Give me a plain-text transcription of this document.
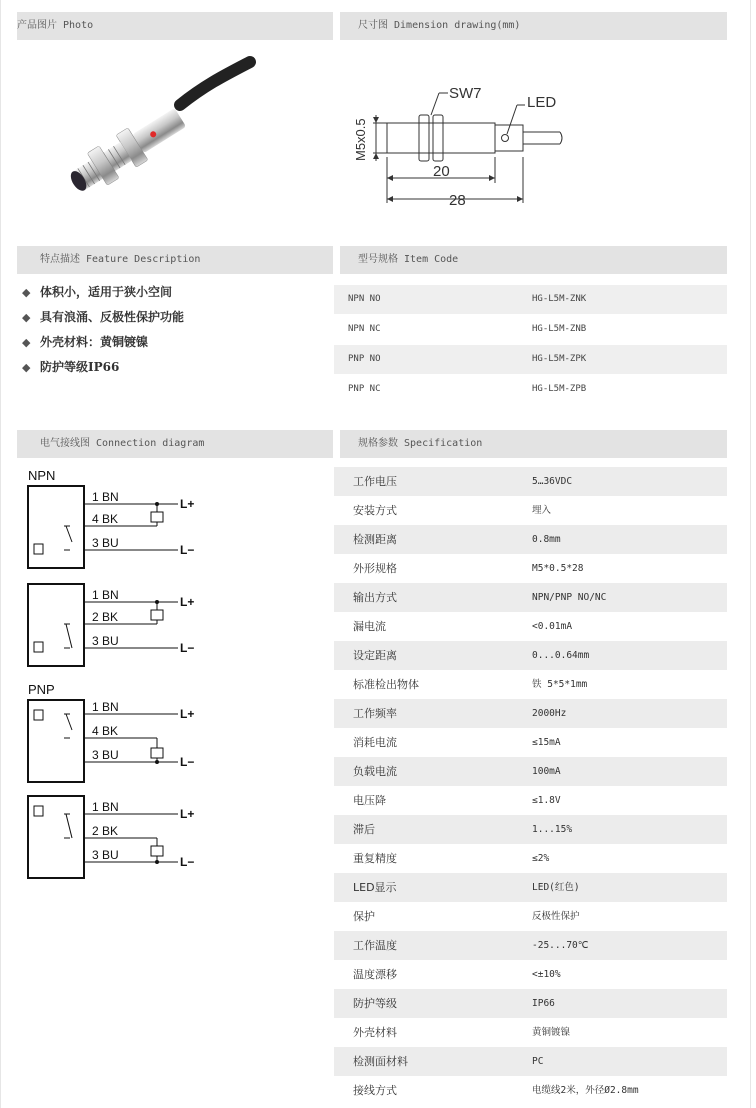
产品图片 Photo	尺寸图 Dimension drawing(mm)
特点描述 Feature Description	型号规格 Item Code
电气接线图 Connection diagram	规格参数 Specification
SW7
LED
M5x0.5
20
28
◆ 体积小，适用于狭小空间
◆ 具有浪涌、反极性保护功能
◆ 外壳材料：黄铜镀镍
◆ 防护等级IP66
NPN NO	HG-L5M-ZNK
NPN NC	HG-L5M-ZNB
PNP NO	HG-L5M-ZPK
PNP NC	HG-L5M-ZPB
NPN
PNP
1 BN
4 BK
3 BU
L+
L−
1 BN
2 BK
3 BU
L+
L−
1 BN
4 BK
3 BU
L+
L−
1 BN
2 BK
3 BU
L+
L−
工作电压	5…36VDC
安装方式	埋入
检测距离	0.8mm
外形规格	M5*0.5*28
输出方式	NPN/PNP NO/NC
漏电流	<0.01mA
设定距离	0...0.64mm
标准检出物体	铁 5*5*1mm
工作频率	2000Hz
消耗电流	≤15mA
负载电流	100mA
电压降	≤1.8V
滞后	1...15%
重复精度	≤2%
LED显示	LED(红色)
保护	反极性保护
工作温度	-25...70℃
温度漂移	<±10%
防护等级	IP66
外壳材料	黄铜镀镍
检测面材料	PC
接线方式	电缆线2米，外径Ø2.8mm
